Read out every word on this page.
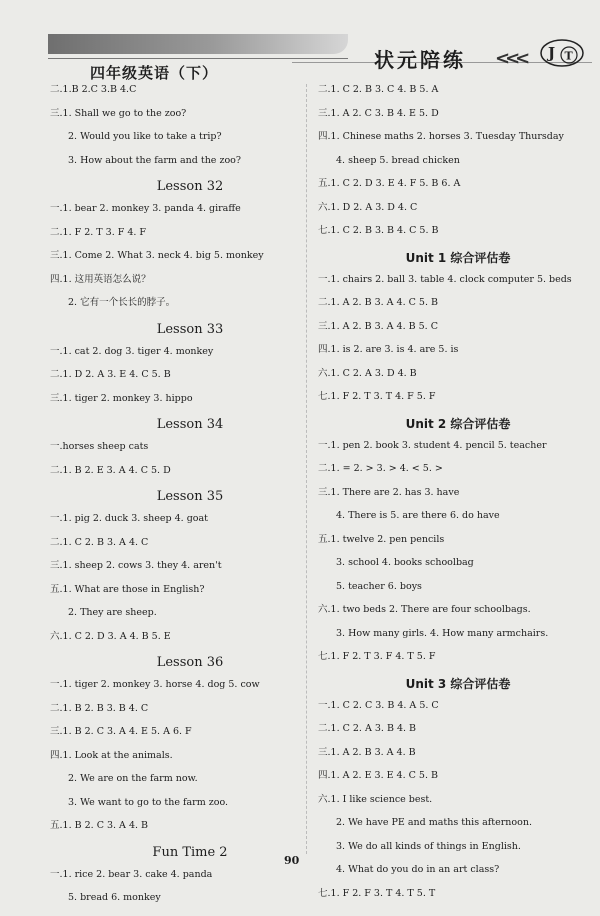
四年级英语（下）
状元陪练 <<< J T
二.1.B 2.C 3.B 4.C
三.1. Shall we go to the zoo?
2. Would you like to take a trip?
3. How about the farm and the zoo?
Lesson 32
一.1. bear 2. monkey 3. panda 4. giraffe
二.1. F 2. T 3. F 4. F
三.1. Come 2. What 3. neck 4. big 5. monkey
四.1. 这用英语怎么说？
2. 它有一个长长的脖子。
Lesson 33
一.1. cat 2. dog 3. tiger 4. monkey
二.1. D 2. A 3. E 4. C 5. B
三.1. tiger 2. monkey 3. hippo
Lesson 34
一.horses sheep cats
二.1. B 2. E 3. A 4. C 5. D
Lesson 35
一.1. pig 2. duck 3. sheep 4. goat
二.1. C 2. B 3. A 4. C
三.1. sheep 2. cows 3. they 4. aren't
五.1. What are those in English?
2. They are sheep.
六.1. C 2. D 3. A 4. B 5. E
Lesson 36
一.1. tiger 2. monkey 3. horse 4. dog 5. cow
二.1. B 2. B 3. B 4. C
三.1. B 2. C 3. A 4. E 5. A 6. F
四.1. Look at the animals.
2. We are on the farm now.
3. We want to go to the farm zoo.
五.1. B 2. C 3. A 4. B
Fun Time 2
一.1. rice 2. bear 3. cake 4. panda
5. bread 6. monkey
二.1. C 2. B 3. C 4. B 5. A
三.1. A 2. C 3. B 4. E 5. D
四.1. Chinese maths 2. horses 3. Tuesday Thursday
4. sheep 5. bread chicken
五.1. C 2. D 3. E 4. F 5. B 6. A
六.1. D 2. A 3. D 4. C
七.1. C 2. B 3. B 4. C 5. B
Unit 1 综合评估卷
一.1. chairs 2. ball 3. table 4. clock computer 5. beds
二.1. A 2. B 3. A 4. C 5. B
三.1. A 2. B 3. A 4. B 5. C
四.1. is 2. are 3. is 4. are 5. is
六.1. C 2. A 3. D 4. B
七.1. F 2. T 3. T 4. F 5. F
Unit 2 综合评估卷
一.1. pen 2. book 3. student 4. pencil 5. teacher
二.1. = 2. > 3. > 4. < 5. >
三.1. There are 2. has 3. have
4. There is 5. are there 6. do have
五.1. twelve 2. pen pencils
3. school 4. books schoolbag
5. teacher 6. boys
六.1. two beds 2. There are four schoolbags.
3. How many girls. 4. How many armchairs.
七.1. F 2. T 3. F 4. T 5. F
Unit 3 综合评估卷
一.1. C 2. C 3. B 4. A 5. C
二.1. C 2. A 3. B 4. B
三.1. A 2. B 3. A 4. B
四.1. A 2. E 3. E 4. C 5. B
六.1. I like science best.
2. We have PE and maths this afternoon.
3. We do all kinds of things in English.
4. What do you do in an art class?
七.1. F 2. F 3. T 4. T 5. T
90
